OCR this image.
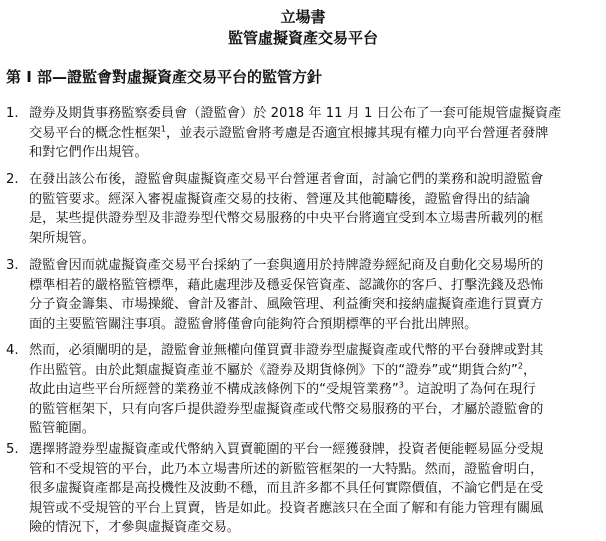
立場書

監管虛擬資產交易平台

第 I 部—證監會對虛擬資產交易平台的監管方針

1. 證券及期貨事務監察委員會（證監會）於 2018 年 11 月 1 日公布了一套可能規管虛擬資產
交易平台的概念性框架$^1$，並表示證監會將考慮是否適宜根據其現有權力向平台營運者發牌
和對它們作出規管。
2. 在發出該公布後，證監會與虛擬資產交易平台營運者會面，討論它們的業務和說明證監會
的監管要求。經深入審視虛擬資產交易的技術、營運及其他範疇後，證監會得出的結論
是，某些提供證券型及非證券型代幣交易服務的中央平台將適宜受到本立場書所載列的框
架所規管。
3. 證監會因而就虛擬資產交易平台採納了一套與適用於持牌證券經紀商及自動化交易場所的
標準相若的嚴格監管標準，藉此處理涉及穩妥保管資產、認識你的客戶、打擊洗錢及恐怖
分子資金籌集、市場操縱、會計及審計、風險管理、利益衝突和接納虛擬資產進行買賣方
面的主要監管關注事項。證監會將僅會向能夠符合預期標準的平台批出牌照。
4. 然而，必須闡明的是，證監會並無權向僅買賣非證券型虛擬資產或代幣的平台發牌或對其
作出監管。由於此類虛擬資產並不屬於《證券及期貨條例》下的“證券”或“期貨合約”$^2$，
故此由這些平台所經營的業務並不構成該條例下的“受規管業務”$^3$。這說明了為何在現行
的監管框架下，只有向客戶提供證券型虛擬資產或代幣交易服務的平台，才屬於證監會的
監管範圍。
5. 選擇將證券型虛擬資產或代幣納入買賣範圍的平台一經獲發牌，投資者便能輕易區分受規
管和不受規管的平台，此乃本立場書所述的新監管框架的一大特點。然而，證監會明白，
很多虛擬資產都是高投機性及波動不穩，而且許多都不具任何實際價值，不論它們是在受
規管或不受規管的平台上買賣，皆是如此。投資者應該只在全面了解和有能力管理有關風
險的情況下，才參與虛擬資產交易。
